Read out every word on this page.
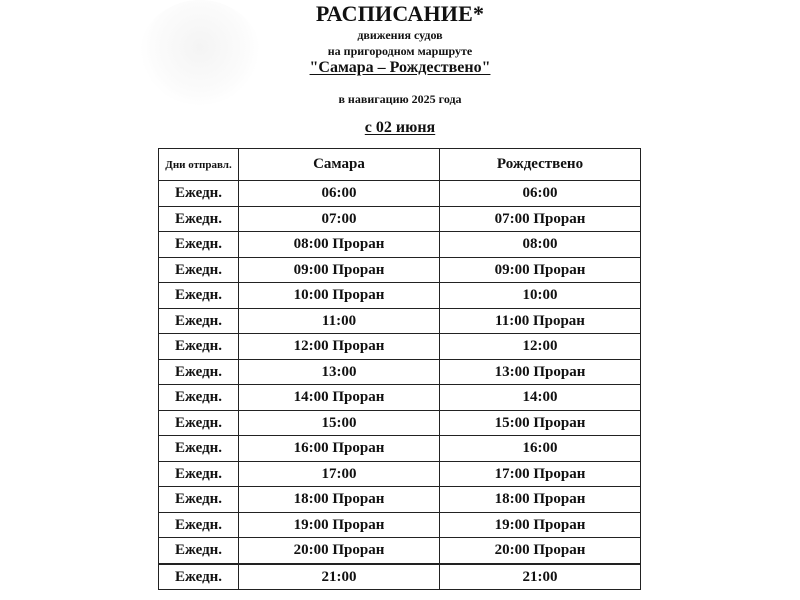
РАСПИСАНИЕ*
движения судов
на пригородном маршруте
"Самара – Рождествено"
в навигацию 2025 года
с 02 июня
Дни отправл.	Самара	Рождествено
Ежедн.	06:00	06:00
Ежедн.	07:00	07:00 Проран
Ежедн.	08:00 Проран	08:00
Ежедн.	09:00 Проран	09:00 Проран
Ежедн.	10:00 Проран	10:00
Ежедн.	11:00	11:00 Проран
Ежедн.	12:00 Проран	12:00
Ежедн.	13:00	13:00 Проран
Ежедн.	14:00 Проран	14:00
Ежедн.	15:00	15:00 Проран
Ежедн.	16:00 Проран	16:00
Ежедн.	17:00	17:00 Проран
Ежедн.	18:00 Проран	18:00 Проран
Ежедн.	19:00 Проран	19:00 Проран
Ежедн.	20:00 Проран	20:00 Проран
Ежедн.	21:00	21:00
